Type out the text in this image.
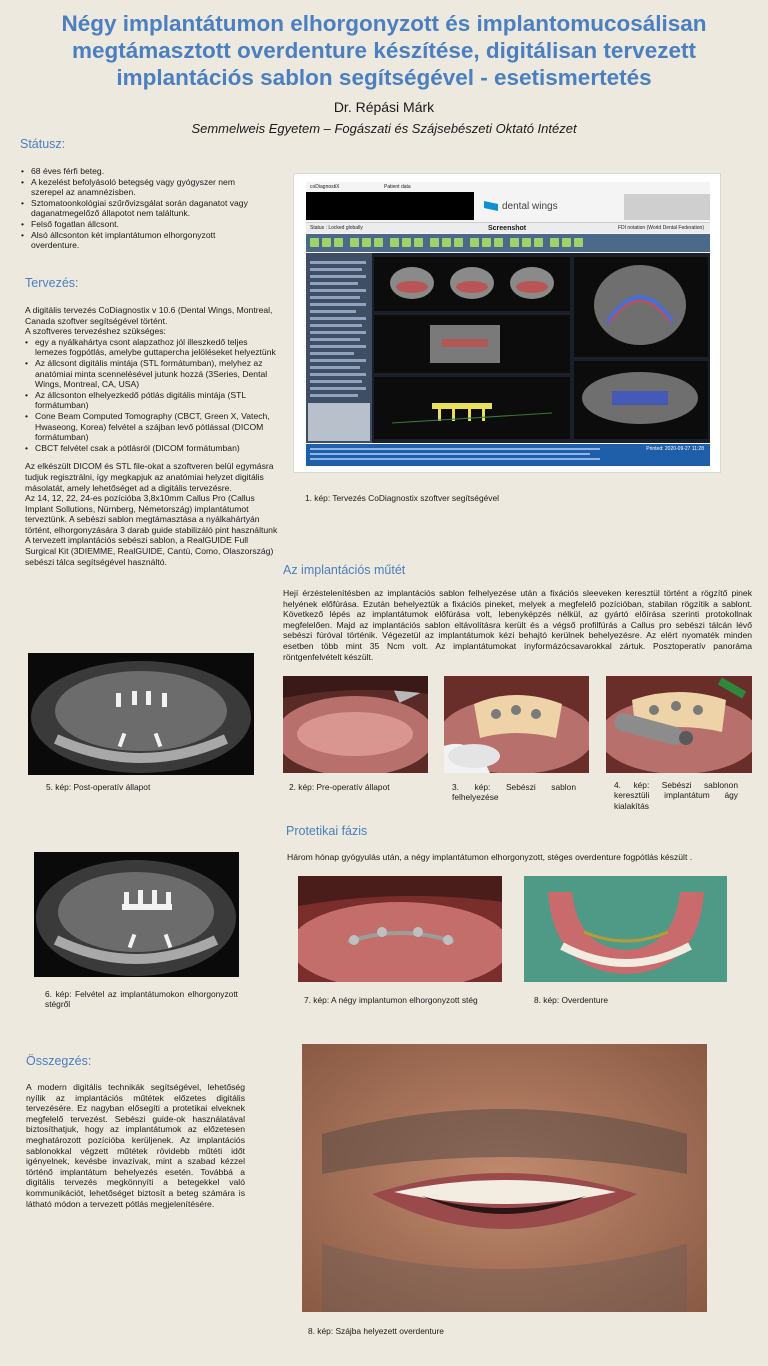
Négy implantátumon elhorgonyzott és implantomucosálisan
megtámasztott overdenture készítése, digitálisan tervezett
implantációs sablon segítségével - esetismertetés
Dr. Répási Márk
Semmelweis Egyetem – Fogászati és Szájsebészeti Oktató Intézet
Státusz:
• 68 éves férfi beteg.
• A kezelést befolyásoló betegség vagy gyógyszer nem szerepel az anamnézisben.
• Sztomatoonkológiai szűrővizsgálat során daganatot vagy daganatmegelőző állapotot nem találtunk.
• Felső fogatlan állcsont.
• Alsó állcsonton két implantátumon elhorgonyzott overdenture.
Tervezés:
A digitális tervezés CoDiagnostix v 10.6 (Dental Wings, Montreal, Canada szoftver segítségével történt.
A szoftveres tervezéshez szükséges:
• egy a nyálkahártya csont alapzathoz jól illeszkedő teljes lemezes fogpótlás, amelybe guttapercha jelöléseket helyeztünk
• Az állcsont digitális mintája (STL formátumban), melyhez az anatómiai minta scennelésével jutunk hozzá (3Series, Dental Wings, Montreal, CA, USA)
• Az állcsonton elhelyezkedő pótlás digitális mintája (STL formátumban)
• Cone Beam Computed Tomography (CBCT, Green X, Vatech, Hwaseong, Korea) felvétel a szájban levő pótlással (DICOM formátumban)
• CBCT felvétel csak a pótlásról (DICOM formátumban)
Az elkészült DICOM és STL file-okat a szoftveren belül egymásra tudjuk regisztrálni, így megkapjuk az anatómiai helyzet digitális másolatát, amely lehetőséget ad a digitális tervezésre.
Az 14, 12, 22, 24-es pozícióba 3,8x10mm Callus Pro (Callus Implant Sollutions, Nürnberg, Németország) implantátumot terveztünk. A sebészi sablon megtámasztása a nyálkahártyán történt, elhorgonyzására 3 darab guide stabilizáló pint használtunk
A tervezett implantációs sebészi sablon, a RealGUIDE Full Surgical Kit (3DIEMME, RealGUIDE, Cantù, Como, Olaszország) sebészi tálca segítségével használtó.
coDiagnostiX	Patient data
dental wings
Status : Locked globally	Screenshot	FDI notation (World Dental Federation)
Printed: 2020-09-27 11:28
1. kép: Tervezés CoDiagnostix szoftver segítségével
Az implantációs műtét
Hejí érzéstelenítésben az implantációs sablon felhelyezése után a fixációs sleeveken keresztül történt a rögzítő pinek helyének előfúrása. Ezután behelyeztük a fixációs pineket, melyek a megfelelő pozícióban, stabilan rögzítik a sablont. Következő lépés az implantátumok előfúrása volt, lebenyképzés nélkül, az gyártó előírása szerinti protokollnak megfelelően. Majd az implantációs sablon eltávolításra került és a végső profilfúrás a Callus pro sebészi tálcán lévő sebészi fúróval történik. Végezetül az implantátumok kézi behajtó kerülnek behelyezésre. Az elért nyomaték minden esetben több mint 35 Ncm volt. Az implantátumokat ínyformázócsavarokkal zártuk. Posztoperatív panoráma röntgenfelvételt készült.
2. kép: Pre-operatív állapot	3. kép: Sebészi sablon felhelyezése
4. kép: Sebészi sablonon keresztüli implantátum ágy kialakítás
5. kép: Post-operatív állapot
Protetikai fázis
Három hónap gyógyulás után, a négy implantátumon elhorgonyzott, stéges overdenture fogpótlás készült .
6. kép: Felvétel az implantátumokon elhorgonyzott stégről	7. kép: A négy implantumon elhorgonyzott stég	8. kép: Overdenture
Összegzés:
A modern digitális technikák segítségével, lehetőség nyílik az implantációs műtétek előzetes digitális tervezésére. Ez nagyban elősegíti a protetikai elveknek megfelelő tervezést. Sebészi guide-ok használatával biztosíthatjuk, hogy az implantátumok az előzetesen meghatározott pozícióba kerüljenek. Az implantációs sablonokkal végzett műtétek rövidebb műtéti időt igényelnek, kevésbe invazívak, mint a szabad kézzel történő implantátum behelyezés esetén. Továbbá a digitális tervezés megkönnyíti a betegekkel való kommunikációt, lehetőséget biztosít a beteg számára is látható módon a tervezett pótlás megjelenítésére.
8. kép: Szájba helyezett overdenture
